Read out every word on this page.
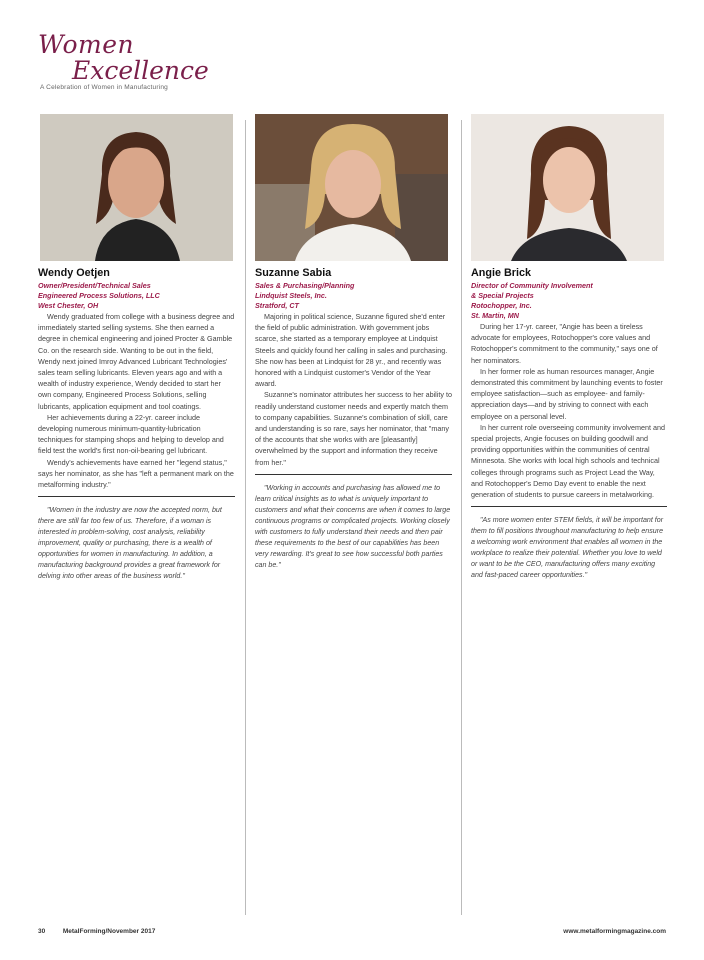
Women
Excellence
A Celebration of Women in Manufacturing
Wendy Oetjen
Owner/President/Technical Sales
Engineered Process Solutions, LLC
West Chester, OH

Wendy graduated from college with a business degree and immediately started selling systems. She then earned a degree in chemical engineering and joined Procter & Gamble Co. on the research side. Wanting to be out in the field, Wendy next joined Imroy Advanced Lubricant Technologies' sales team selling lubricants. Eleven years ago and with a wealth of industry experience, Wendy decided to start her own company, Engineered Process Solutions, selling lubricants, application equipment and tool coatings.

Her achievements during a 22-yr. career include developing numerous minimum-quantity-lubrication techniques for stamping shops and helping to develop and field test the world's first non-oil-bearing gel lubricant.

Wendy's achievements have earned her "legend status," says her nominator, as she has "left a permanent mark on the metalforming industry."

"Women in the industry are now the accepted norm, but there are still far too few of us. Therefore, if a woman is interested in problem-solving, cost analysis, reliability improvement, quality or purchasing, there is a wealth of opportunities for women in manufacturing. In addition, a manufacturing background provides a great framework for delving into other areas of the business world."
Suzanne Sabia
Sales & Purchasing/Planning
Lindquist Steels, Inc.
Stratford, CT

Majoring in political science, Suzanne figured she'd enter the field of public administration. With government jobs scarce, she started as a temporary employee at Lindquist Steels and quickly found her calling in sales and purchasing. She now has been at Lindquist for 28 yr., and recently was honored with a Lindquist customer's Vendor of the Year award.

Suzanne's nominator attributes her success to her ability to readily understand customer needs and expertly match them to company capabilities. Suzanne's combination of skill, care and understanding is so rare, says her nominator, that "many of the accounts that she works with are [pleasantly] overwhelmed by the support and information they receive from her."

"Working in accounts and purchasing has allowed me to learn critical insights as to what is uniquely important to customers and what their concerns are when it comes to large continuous programs or complicated projects. Working closely with customers to fully understand their needs and then pair these requirements to the best of our capabilities has been very rewarding. It's great to see how successful both parties can be."
Angie Brick
Director of Community Involvement
& Special Projects
Rotochopper, Inc.
St. Martin, MN

During her 17-yr. career, "Angie has been a tireless advocate for employees, Rotochopper's core values and Rotochopper's commitment to the community," says one of her nominators.

In her former role as human resources manager, Angie demonstrated this commitment by launching events to foster employee satisfaction—such as employee- and family-appreciation days—and by striving to connect with each employee on a personal level.

In her current role overseeing community involvement and special projects, Angie focuses on building goodwill and providing opportunities within the communities of central Minnesota. She works with local high schools and technical colleges through programs such as Project Lead the Way, and Rotochopper's Demo Day event to enable the next generation of students to pursue careers in metalworking.

"As more women enter STEM fields, it will be important for them to fill positions throughout manufacturing to help ensure a welcoming work environment that enables all women in the workplace to realize their potential. Whether you love to weld or want to be the CEO, manufacturing offers many exciting and fast-paced career opportunities."
30	MetalForming/November 2017	www.metalformingmagazine.com
